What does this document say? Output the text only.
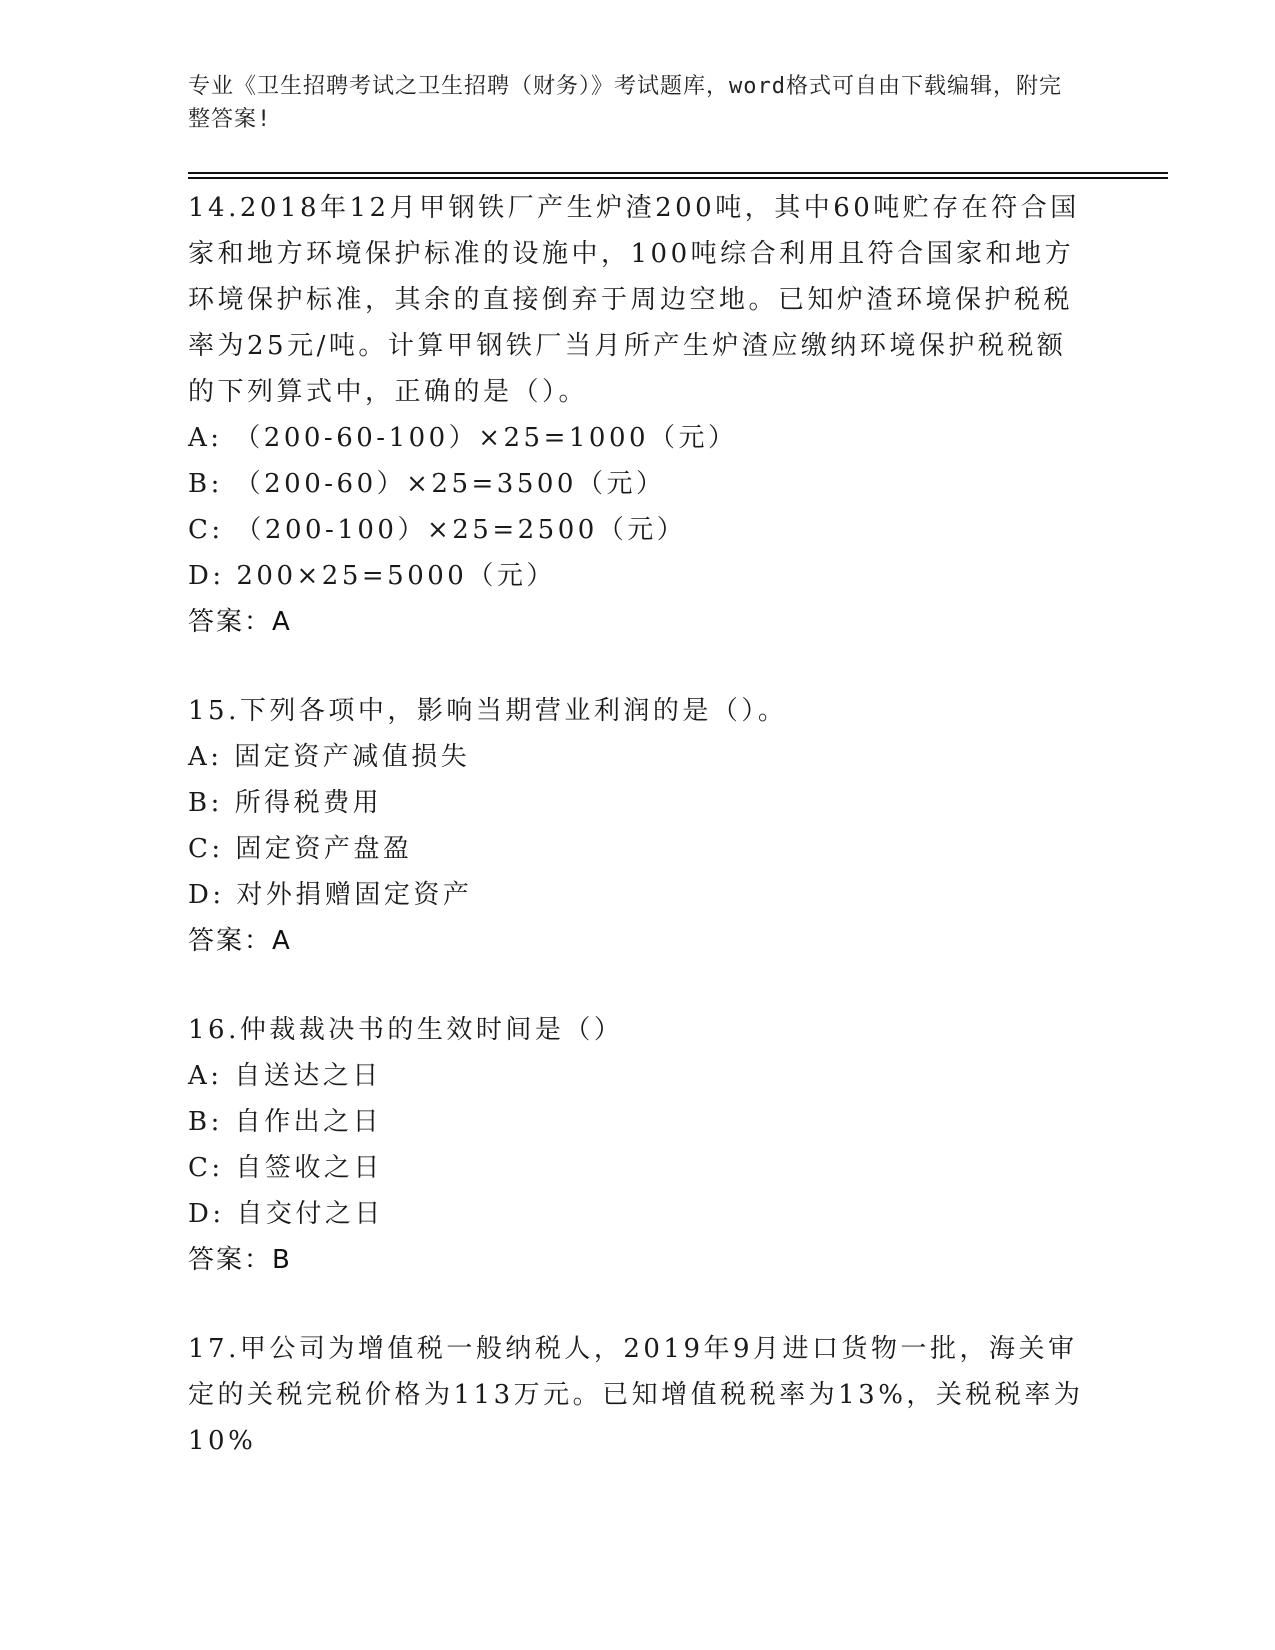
专业《卫生招聘考试之卫生招聘（财务）》考试题库，word格式可自由下载编辑，附完整答案!
14.2018年12月甲钢铁厂产生炉渣200吨，其中60吨贮存在符合国家和地方环境保护标准的设施中，100吨综合利用且符合国家和地方环境保护标准，其余的直接倒弃于周边空地。已知炉渣环境保护税税率为25元/吨。计算甲钢铁厂当月所产生炉渣应缴纳环境保护税税额的下列算式中，正确的是（）。
A: （200-60-100）×25=1000（元）
B: （200-60）×25=3500（元）
C: （200-100）×25=2500（元）
D: 200×25=5000（元）
答案：A
15.下列各项中，影响当期营业利润的是（）。
A: 固定资产减值损失
B: 所得税费用
C: 固定资产盘盈
D: 对外捐赠固定资产
答案：A
16.仲裁裁决书的生效时间是（）
A: 自送达之日
B: 自作出之日
C: 自签收之日
D: 自交付之日
答案：B
17.甲公司为增值税一般纳税人，2019年9月进口货物一批，海关审定的关税完税价格为113万元。已知增值税税率为13%，关税税率为10%
